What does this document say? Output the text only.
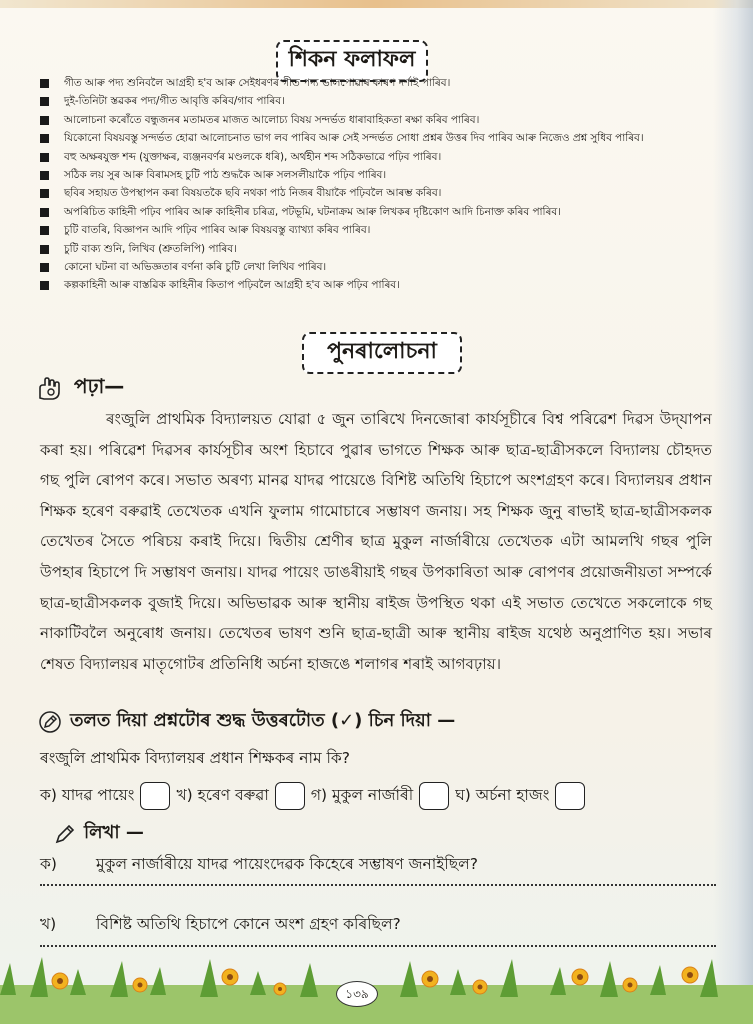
শিকন ফলাফল
গীত আৰু পদ্য শুনিবলৈ আগ্ৰহী হ'ব আৰু সেইধৰণৰ গীত পদ্য ভালপোৱাৰ কাৰণ দৰ্শাই পাৰিব।
দুই-তিনিটা স্তৱকৰ পদ্য/গীত আবৃত্তি কৰিব/গাব পাৰিব।
আলোচনা কৰোঁতে বন্ধুজনৰ মতামতৰ মাজত আলোচ্য বিষয় সন্দৰ্ভত ধাৰাবাহিকতা ৰক্ষা কৰিব পাৰিব।
যিকোনো বিষয়বস্তু সন্দৰ্ভত হোৱা আলোচনাত ভাগ লব পাৰিব আৰু সেই সন্দৰ্ভত সোধা প্ৰশ্নৰ উত্তৰ দিব পাৰিব আৰু নিজেও প্ৰশ্ন সুধিব পাৰিব।
বহু অক্ষৰযুক্ত শব্দ (যুক্তাক্ষৰ, ব্যঞ্জনবৰ্ণৰ মণ্ডলকে ধৰি), অৰ্থহীন শব্দ সঠিকভাৱে পঢ়িব পাৰিব।
সঠিক লয় সুৰ আৰু বিৰামসহ চুটি পাঠ শুদ্ধকৈ আৰু সলসলীয়াকৈ পঢ়িব পাৰিব।
ছবিৰ সহায়ত উপস্থাপন কৰা বিষয়তকৈ ছবি নথকা পাঠ নিজৰ বীয়াকৈ পঢ়িবলৈ আৰম্ভ কৰিব।
অপৰিচিত কাহিনী পঢ়িব পাৰিব আৰু কাহিনীৰ চৰিত্ৰ, পটভূমি, ঘটনাক্ৰম আৰু লিখকৰ দৃষ্টিকোণ আদি চিনাক্ত কৰিব পাৰিব।
চুটি বাতৰি, বিজ্ঞাপন আদি পঢ়িব পাৰিব আৰু বিষয়বস্তু ব্যাখ্যা কৰিব পাৰিব।
চুটি বাক্য শুনি, লিখিব (শ্ৰুতলিপি) পাৰিব।
কোনো ঘটনা বা অভিজ্ঞতাৰ বৰ্ণনা কৰি চুটি লেখা লিখিব পাৰিব।
কল্পকাহিনী আৰু বাস্তৱিক কাহিনীৰ কিতাপ পঢ়িবলৈ আগ্ৰহী হ'ব আৰু পঢ়িব পাৰিব।
পুনৰালোচনা
পঢ়া—

ৰংজুলি প্ৰাথমিক বিদ্যালয়ত যোৱা ৫ জুন তাৰিখে দিনজোৰা কাৰ্যসূচীৰে বিশ্ব পৰিৱেশ দিৱস উদ্‌যাপন কৰা হয়। পৰিৱেশ দিৱসৰ কাৰ্যসূচীৰ অংশ হিচাবে পুৱাৰ ভাগতে শিক্ষক আৰু ছাত্ৰ-ছাত্ৰীসকলে বিদ্যালয় চৌহদত গছ পুলি ৰোপণ কৰে। সভাত অৰণ্য মানৱ যাদৱ পায়েঙে বিশিষ্ট অতিথি হিচাপে অংশগ্ৰহণ কৰে। বিদ্যালয়ৰ প্ৰধান শিক্ষক হৰেণ বৰুৱাই তেখেতক এখনি ফুলাম গামোচাৰে সম্ভাষণ জনায়। সহ শিক্ষক জুনু ৰাভাই ছাত্ৰ-ছাত্ৰীসকলক তেখেতৰ সৈতে পৰিচয় কৰাই দিয়ে। দ্বিতীয় শ্ৰেণীৰ ছাত্ৰ মুকুল নাৰ্জাৰীয়ে তেখেতক এটা আমলখি গছৰ পুলি উপহাৰ হিচাপে দি সম্ভাষণ জনায়। যাদৱ পায়েং ডাঙৰীয়াই গছৰ উপকাৰিতা আৰু ৰোপণৰ প্ৰয়োজনীয়তা সম্পৰ্কে ছাত্ৰ-ছাত্ৰীসকলক বুজাই দিয়ে। অভিভাৱক আৰু স্থানীয় ৰাইজ উপস্থিত থকা এই সভাত তেখেতে সকলোকে গছ নাকাটিবলৈ অনুৰোধ জনায়। তেখেতৰ ভাষণ শুনি ছাত্ৰ-ছাত্ৰী আৰু স্থানীয় ৰাইজ যথেষ্ঠ অনুপ্ৰাণিত হয়। সভাৰ শেষত বিদ্যালয়ৰ মাতৃগোটৰ প্ৰতিনিধি অৰ্চনা হাজঙে শলাগৰ শৰাই আগবঢ়ায়।

তলত দিয়া প্ৰশ্নটোৰ শুদ্ধ উত্তৰটোত (✓) চিন দিয়া —
ৰংজুলি প্ৰাথমিক বিদ্যালয়ৰ প্ৰধান শিক্ষকৰ নাম কি?
ক) যাদৱ পায়েং	খ) হৰেণ বৰুৱা	গ) মুকুল নাৰ্জাৰী	ঘ) অৰ্চনা হাজং
লিখা —
ক)	মুকুল নাৰ্জাৰীয়ে যাদৱ পায়েংদেৱক কিহেৰে সম্ভাষণ জনাইছিল?
খ)	বিশিষ্ট অতিথি হিচাপে কোনে অংশ গ্ৰহণ কৰিছিল?
১৩৯
